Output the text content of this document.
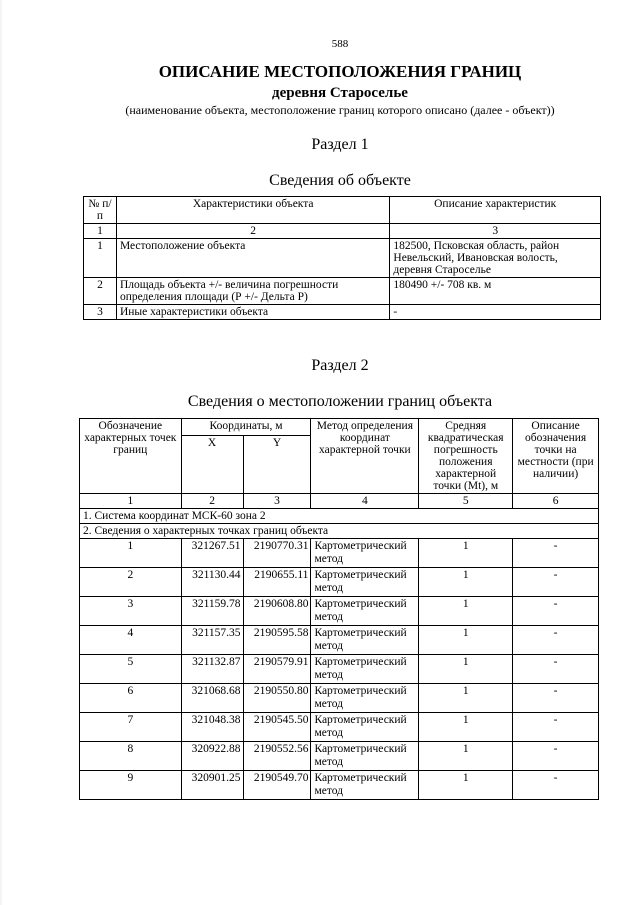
588
ОПИСАНИЕ МЕСТОПОЛОЖЕНИЯ ГРАНИЦ
деревня Староселье
(наименование объекта, местоположение границ которого описано (далее - объект))
Раздел 1
Сведения об объекте
№ п/п	Характеристики объекта	Описание характеристик
1	2	3
1	Местоположение объекта	182500, Псковская область, район Невельский, Ивановская волость, деревня Староселье
2	Площадь объекта +/- величина погрешности определения площади (Р +/- Дельта Р)	180490 +/- 708 кв. м
3	Иные характеристики объекта	-
Раздел 2
Сведения о местоположении границ объекта
Обозначение характерных точек границ	Координаты, м		Метод определения координат характерной точки	Средняя квадратическая погрешность положения характерной точки (Mt), м	Описание обозначения точки на местности (при наличии)
	X	Y			
1	2	3	4	5	6
1. Система координат МСК-60 зона 2					
2. Сведения о характерных точках границ объекта					
1	321267.51	2190770.31	Картометрический метод	1	-
2	321130.44	2190655.11	Картометрический метод	1	-
3	321159.78	2190608.80	Картометрический метод	1	-
4	321157.35	2190595.58	Картометрический метод	1	-
5	321132.87	2190579.91	Картометрический метод	1	-
6	321068.68	2190550.80	Картометрический метод	1	-
7	321048.38	2190545.50	Картометрический метод	1	-
8	320922.88	2190552.56	Картометрический метод	1	-
9	320901.25	2190549.70	Картометрический метод	1	-
